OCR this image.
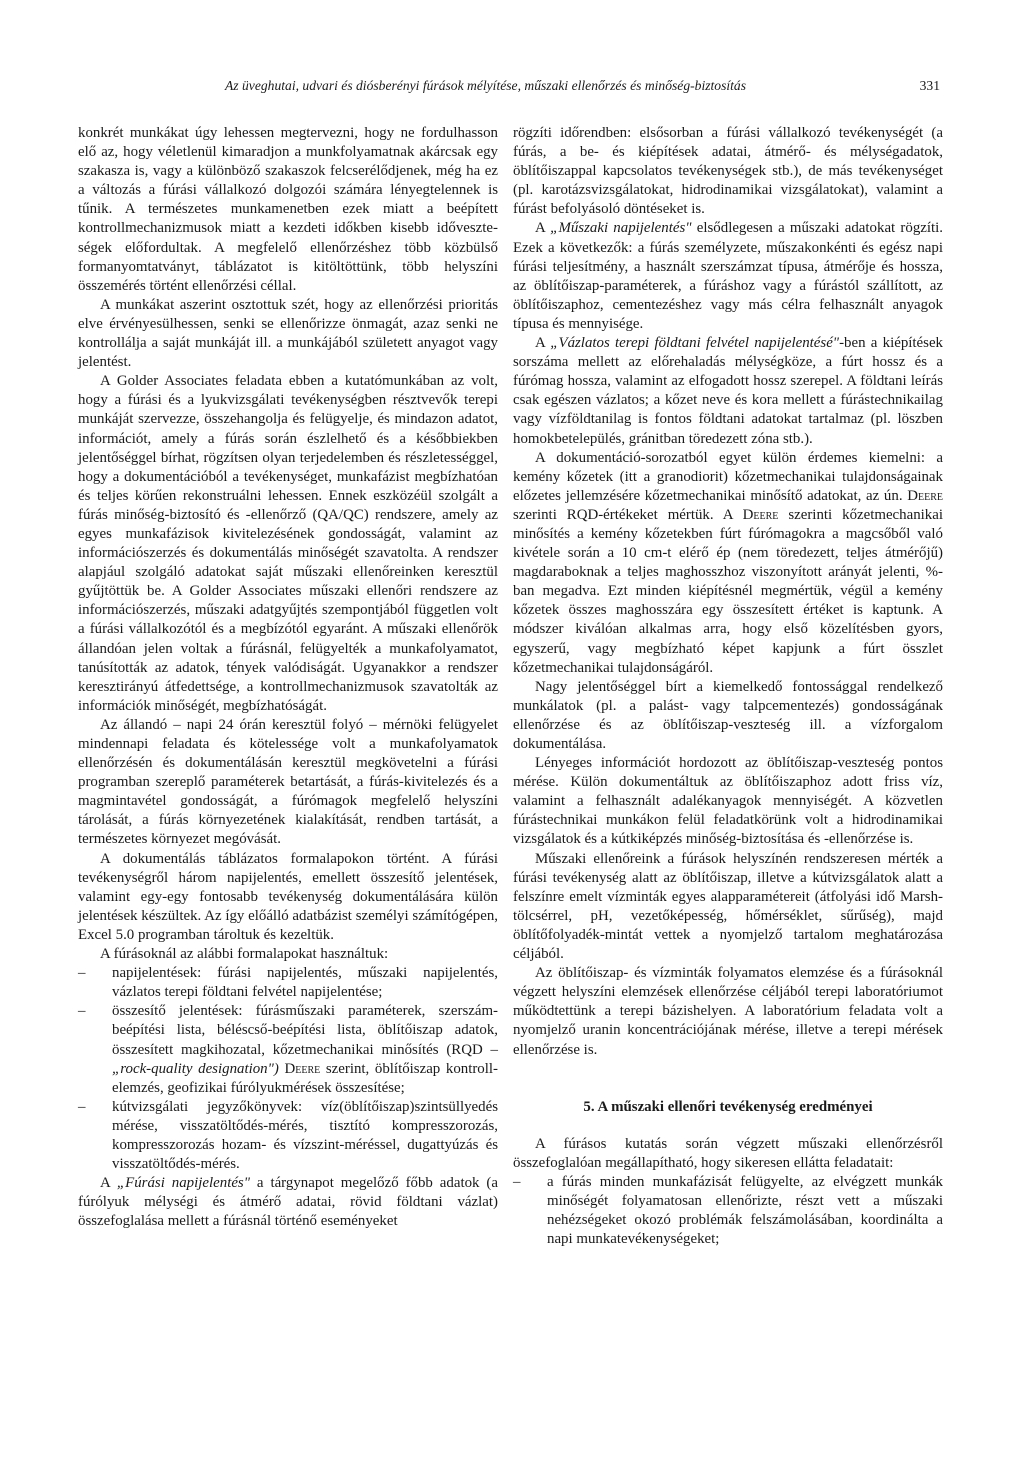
Az üveghutai, udvari és diósberényi fúrások mélyítése, műszaki ellenőrzés és minőség-biztosítás	331

konkrét munkákat úgy lehessen megtervezni, hogy ne fordulhasson elő az, hogy véletlenül kimaradjon a munkfolyamatnak akárcsak egy szakasza is, vagy a különböző szakaszok felcserélődjenek, még ha ez a változás a fúrási vállalkozó dolgozói számára lényegtelennek is tűnik. A természetes munkamenetben ezek miatt a beépített kontrollmechanizmusok miatt a kezdeti időkben kisebb időveszteségek előfordultak. A megfelelő ellenőrzéshez több közbülső formanyomtatványt, táblázatot is kitöltöttünk, több helyszíni összemérés történt ellenőrzési céllal.

A munkákat aszerint osztottuk szét, hogy az ellenőrzési prioritás elve érvényesülhessen, senki se ellenőrizze önmagát, azaz senki ne kontrollálja a saját munkáját ill. a munkájából született anyagot vagy jelentést.

A Golder Associates feladata ebben a kutatómunkában az volt, hogy a fúrási és a lyukvizsgálati tevékenységben résztvevők terepi munkáját szervezze, összehangolja és felügyelje, és mindazon adatot, információt, amely a fúrás során észlelhető és a későbbiekben jelentőséggel bírhat, rögzítsen olyan terjedelemben és részletességgel, hogy a dokumentációból a tevékenységet, munkafázist megbízhatóan és teljes körűen rekonstruálni lehessen. Ennek eszközéül szolgált a fúrás minőség-biztosító és -ellenőrző (QA/QC) rendszere, amely az egyes munkafázisok kivitelezésének gondosságát, valamint az információszerzés és dokumentálás minőségét szavatolta. A rendszer alapjául szolgáló adatokat saját műszaki ellenőreinken keresztül gyűjtöttük be. A Golder Associates műszaki ellenőri rendszere az információszerzés, műszaki adatgyűjtés szempontjából független volt a fúrási vállalkozótól és a megbízótól egyaránt. A műszaki ellenőrök állandóan jelen voltak a fúrásnál, felügyelték a munkafolyamatot, tanúsították az adatok, tények valódiságát. Ugyanakkor a rendszer keresztirányú átfedettsége, a kontrollmechanizmusok szavatolták az információk minőségét, megbízhatóságát.

Az állandó – napi 24 órán keresztül folyó – mérnöki felügyelet mindennapi feladata és kötelessége volt a munkafolyamatok ellenőrzésén és dokumentálásán keresztül megkövetelni a fúrási programban szereplő paraméterek betartását, a fúrás-kivitelezés és a magmintavétel gondosságát, a fúrómagok megfelelő helyszíni tárolását, a fúrás környezetének kialakítását, rendben tartását, a természetes környezet megóvását.

A dokumentálás táblázatos formalapokon történt. A fúrási tevékenységről három napijelentés, emellett összesítő jelentések, valamint egy-egy fontosabb tevékenység dokumentálására külön jelentések készültek. Az így előálló adatbázist személyi számítógépen, Excel 5.0 programban tároltuk és kezeltük.

A fúrásoknál az alábbi formalapokat használtuk:

– napijelentések: fúrási napijelentés, műszaki napijelentés, vázlatos terepi földtani felvétel napijelentése;
– összesítő jelentések: fúrásműszaki paraméterek, szerszám-beépítési lista, béléscső-beépítési lista, öblítőiszap adatok, összesített magkihozatal, kőzetmechanikai minősítés (RQD – „rock-quality designation") Deere szerint, öblítőiszap kontroll-elemzés, geofizikai fúrólyukmérések összesítése;
– kútvizsgálati jegyzőkönyvek: víz(öblítőiszap)szintsüllyedés mérése, visszatöltődés-mérés, tisztító kompresszorozás, kompresszorozás hozam- és vízszint-méréssel, dugattyúzás és visszatöltődés-mérés.

A „Fúrási napijelentés" a tárgynapot megelőző főbb adatok (a fúrólyuk mélységi és átmérő adatai, rövid földtani vázlat) összefoglalása mellett a fúrásnál történő eseményeket

rögzíti időrendben: elsősorban a fúrási vállalkozó tevékenységét (a fúrás, a be- és kiépítések adatai, átmérő- és mélységadatok, öblítőiszappal kapcsolatos tevékenységek stb.), de más tevékenységet (pl. karotázsvizsgálatokat, hidrodinamikai vizsgálatokat), valamint a fúrást befolyásoló döntéseket is.

A „Műszaki napijelentés" elsődlegesen a műszaki adatokat rögzíti. Ezek a következők: a fúrás személyzete, műszakonkénti és egész napi fúrási teljesítmény, a használt szerszámzat típusa, átmérője és hossza, az öblítőiszap-paraméterek, a fúráshoz vagy a fúrástól szállított, az öblítőiszaphoz, cementezéshez vagy más célra felhasznált anyagok típusa és mennyisége.

A „Vázlatos terepi földtani felvétel napijelentésé"-ben a kiépítések sorszáma mellett az előrehaladás mélységköze, a fúrt hossz és a fúrómag hossza, valamint az elfogadott hossz szerepel. A földtani leírás csak egészen vázlatos; a kőzet neve és kora mellett a fúrástechnikailag vagy vízföldtanilag is fontos földtani adatokat tartalmaz (pl. löszben homokbetelepülés, gránitban töredezett zóna stb.).

A dokumentáció-sorozatból egyet külön érdemes kiemelni: a kemény kőzetek (itt a granodiorit) kőzetmechanikai tulajdonságainak előzetes jellemzésére kőzetmechanikai minősítő adatokat, az ún. Deere szerinti RQD-értékeket mértük. A Deere szerinti kőzetmechanikai minősítés a kemény kőzetekben fúrt fúrómagokra a magcsőből való kivétele során a 10 cm-t elérő ép (nem töredezett, teljes átmérőjű) magdaraboknak a teljes maghosszhoz viszonyított arányát jelenti, %-ban megadva. Ezt minden kiépítésnél megmértük, végül a kemény kőzetek összes maghosszára egy összesített értéket is kaptunk. A módszer kiválóan alkalmas arra, hogy első közelítésben gyors, egyszerű, vagy megbízható képet kapjunk a fúrt összlet kőzetmechanikai tulajdonságáról.

Nagy jelentőséggel bírt a kiemelkedő fontossággal rendelkező munkálatok (pl. a palást- vagy talpcementezés) gondosságának ellenőrzése és az öblítőiszap-veszteség ill. a vízforgalom dokumentálása.

Lényeges információt hordozott az öblítőiszap-veszteség pontos mérése. Külön dokumentáltuk az öblítőiszaphoz adott friss víz, valamint a felhasznált adalékanyagok mennyiségét. A közvetlen fúrástechnikai munkákon felül feladatkörünk volt a hidrodinamikai vizsgálatok és a kútkiképzés minőség-biztosítása és -ellenőrzése is.

Műszaki ellenőreink a fúrások helyszínén rendszeresen mérték a fúrási tevékenység alatt az öblítőiszap, illetve a kútvizsgálatok alatt a felszínre emelt vízminták egyes alapparamétereit (átfolyási idő Marsh-tölcsérrel, pH, vezetőképesség, hőmérséklet, sűrűség), majd öblítőfolyadék-mintát vettek a nyomjelző tartalom meghatározása céljából.

Az öblítőiszap- és vízminták folyamatos elemzése és a fúrásoknál végzett helyszíni elemzések ellenőrzése céljából terepi laboratóriumot működtettünk a terepi bázishelyen. A laboratórium feladata volt a nyomjelző uranin koncentrációjának mérése, illetve a terepi mérések ellenőrzése is.

5. A műszaki ellenőri tevékenység eredményei

A fúrásos kutatás során végzett műszaki ellenőrzésről összefoglalóan megállapítható, hogy sikeresen ellátta feladatait:

– a fúrás minden munkafázisát felügyelte, az elvégzett munkák minőségét folyamatosan ellenőrizte, részt vett a műszaki nehézségeket okozó problémák felszámolásában, koordinálta a napi munkatevékenységeket;
